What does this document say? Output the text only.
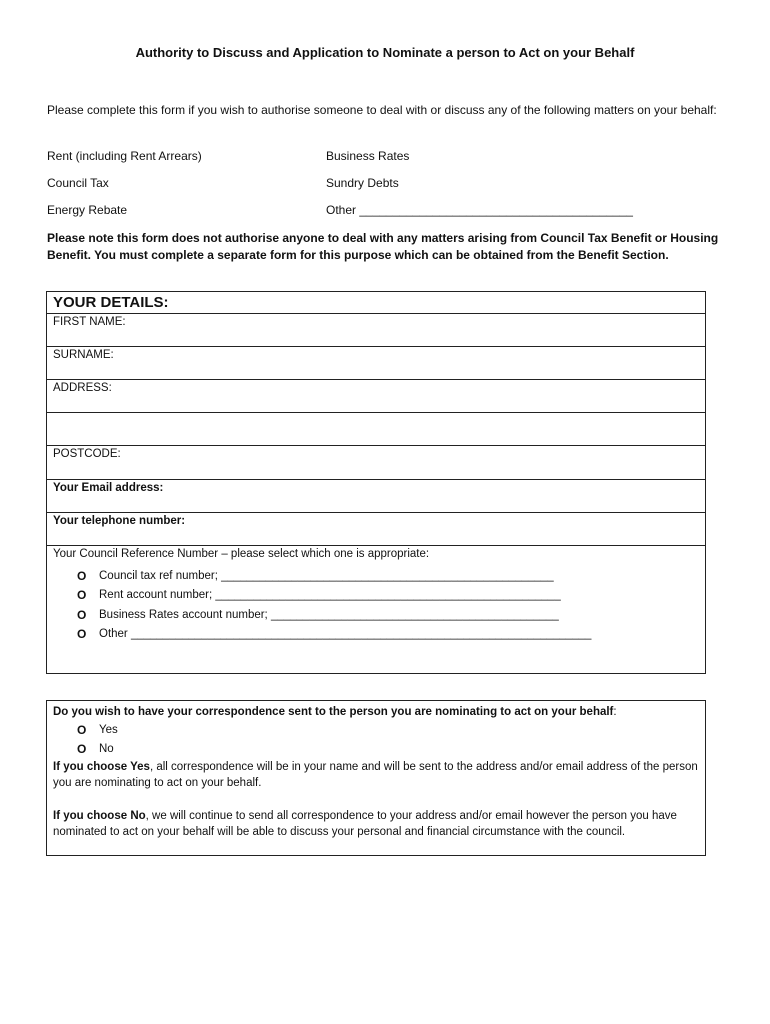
Authority to Discuss and Application to Nominate a person to Act on your Behalf
Please complete this form if you wish to authorise someone to deal with or discuss any of the following matters on your behalf:
Rent (including Rent Arrears)	Business Rates
Council Tax	Sundry Debts
Energy Rebate	Other _________________________________________
Please note this form does not authorise anyone to deal with any matters arising from Council Tax Benefit or Housing Benefit. You must complete a separate form for this purpose which can be obtained from the Benefit Section.
YOUR DETAILS:
FIRST NAME:
SURNAME:
ADDRESS:
POSTCODE:
Your Email address:
Your telephone number:
Your Council Reference Number – please select which one is appropriate:
O	Council tax ref number; ____________________________________________________
O	Rent account number; ______________________________________________________
O	Business Rates account number; _____________________________________________
O	Other ________________________________________________________________________
Do you wish to have your correspondence sent to the person you are nominating to act on your behalf:
O	Yes
O	No
If you choose Yes, all correspondence will be in your name and will be sent to the address and/or email address of the person you are nominating to act on your behalf.
If you choose No, we will continue to send all correspondence to your address and/or email however the person you have nominated to act on your behalf will be able to discuss your personal and financial circumstance with the council.
